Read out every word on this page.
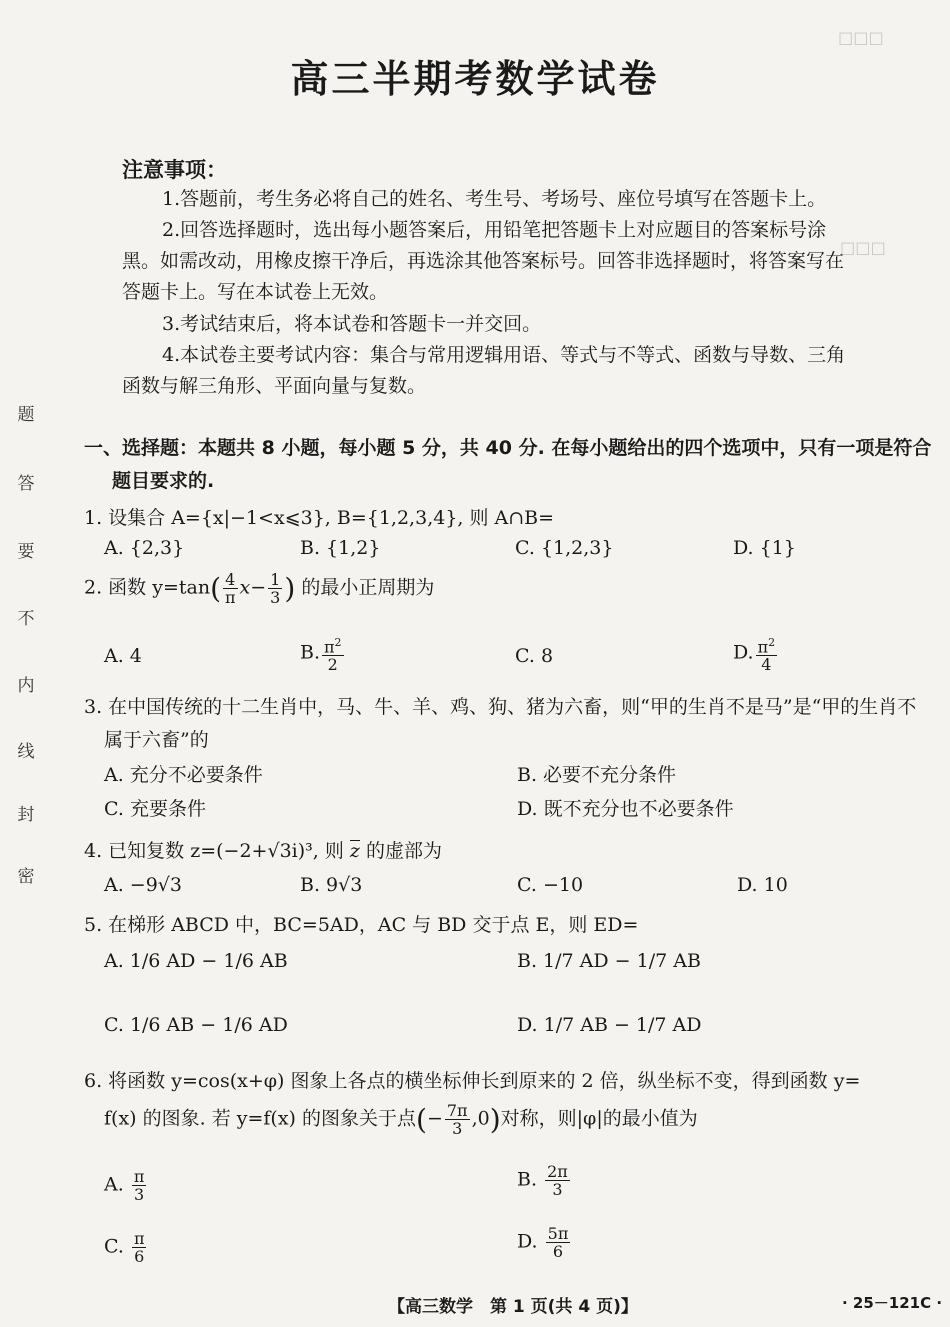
高三半期考数学试卷
☐☐☐
☐☐☐
注意事项：
1.答题前，考生务必将自己的姓名、考生号、考场号、座位号填写在答题卡上。
2.回答选择题时，选出每小题答案后，用铅笔把答题卡上对应题目的答案标号涂
黑。如需改动，用橡皮擦干净后，再选涂其他答案标号。回答非选择题时，将答案写在
答题卡上。写在本试卷上无效。
3.考试结束后，将本试卷和答题卡一并交回。
4.本试卷主要考试内容：集合与常用逻辑用语、等式与不等式、函数与导数、三角
函数与解三角形、平面向量与复数。
题
答
要
不
内
线
封
密
一、选择题：本题共 8 小题，每小题 5 分，共 40 分. 在每小题给出的四个选项中，只有一项是符合
题目要求的.
1. 设集合 A={x|−1<x⩽3}, B={1,2,3,4}, 则 A∩B=
A. {2,3}	B. {1,2}	C. {1,2,3}	D. {1}
2. 函数 $y=\tan( \frac{4}{\pi} x- \frac{1}{3}$ ) 的最小正周期为
A. 4	B. $\frac{\pi^2}{2}$	C. 8	D. $\frac{\pi^2}{4}$
3. 在中国传统的十二生肖中，马、牛、羊、鸡、狗、猪为六畜，则“甲的生肖不是马”是“甲的生肖不
属于六畜”的
A. 充分不必要条件	B. 必要不充分条件
C. 充要条件	D. 既不充分也不必要条件
4. 已知复数 z=(−2+√3i)³, 则 z 的虚部为
A. −9√3	B. 9√3	C. −10	D. 10
5. 在梯形 ABCD 中，BC=5AD，AC 与 BD 交于点 E，则 ED=
A. 1/6 AD − 1/6 AB	B. 1/7 AD − 1/7 AB
C. 1/6 AB − 1/6 AD	D. 1/7 AB − 1/7 AD
6. 将函数 y=cos(x+φ) 图象上各点的横坐标伸长到原来的 2 倍，纵坐标不变，得到函数 y=
f(x) 的图象. 若 y=f(x) 的图象关于点(− $\frac{7\pi}{3} ,0$)对称，则|φ|的最小值为
A. $\frac{\pi}{3}$	B. $\frac{2\pi}{3}$
C. $\frac{\pi}{6}$	D. $\frac{5\pi}{6}$
【高三数学　第 1 页(共 4 页)】	· 25－121C ·
